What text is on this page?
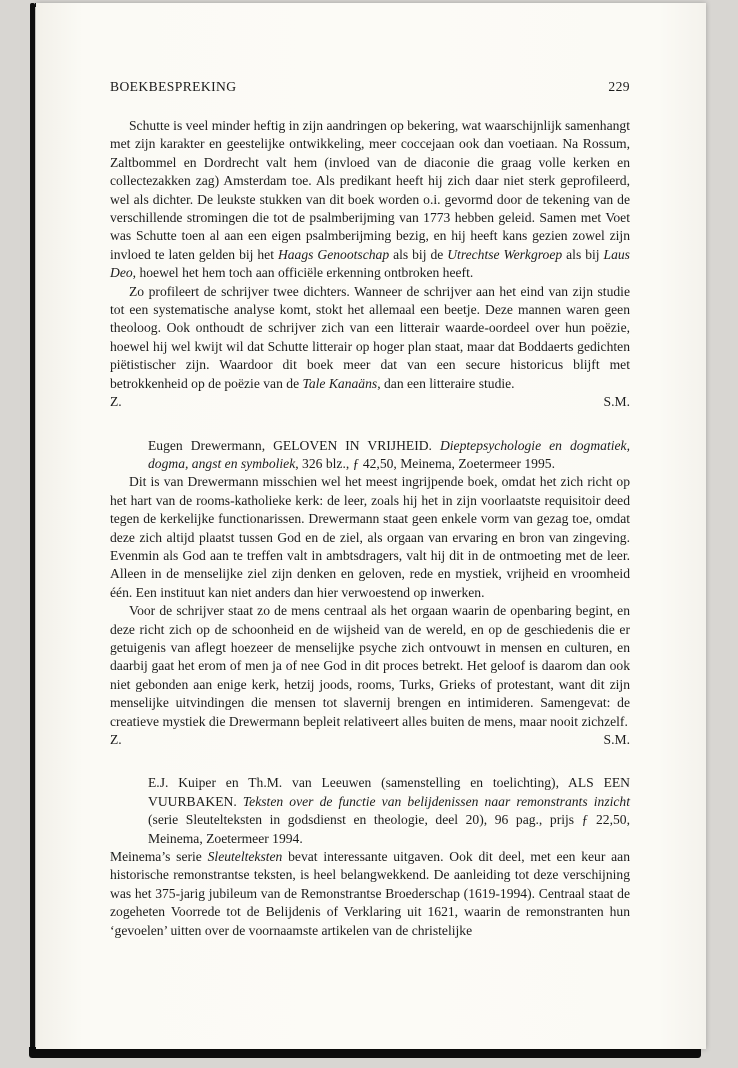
BOEKBESPREKING	229

Schutte is veel minder heftig in zijn aandringen op bekering, wat waarschijnlijk samenhangt met zijn karakter en geestelijke ontwikkeling, meer coccejaan ook dan voetiaan. Na Rossum, Zaltbommel en Dordrecht valt hem (invloed van de diaconie die graag volle kerken en collectezakken zag) Amsterdam toe. Als predikant heeft hij zich daar niet sterk geprofileerd, wel als dichter. De leukste stukken van dit boek worden o.i. gevormd door de tekening van de verschillende stromingen die tot de psalmberijming van 1773 hebben geleid. Samen met Voet was Schutte toen al aan een eigen psalmberijming bezig, en hij heeft kans gezien zowel zijn invloed te laten gelden bij het Haags Genootschap als bij de Utrechtse Werkgroep als bij Laus Deo, hoewel het hem toch aan officiële erkenning ontbroken heeft.

Zo profileert de schrijver twee dichters. Wanneer de schrijver aan het eind van zijn studie tot een systematische analyse komt, stokt het allemaal een beetje. Deze mannen waren geen theoloog. Ook onthoudt de schrijver zich van een litterair waarde-oordeel over hun poëzie, hoewel hij wel kwijt wil dat Schutte litterair op hoger plan staat, maar dat Boddaerts gedichten piëtistischer zijn. Waardoor dit boek meer dat van een secure historicus blijft met betrokkenheid op de poëzie van de Tale Kanaäns, dan een litteraire studie.

Z.	S.M.

Eugen Drewermann, GELOVEN IN VRIJHEID. Dieptepsychologie en dogmatiek, dogma, angst en symboliek, 326 blz., ƒ 42,50, Meinema, Zoetermeer 1995.

Dit is van Drewermann misschien wel het meest ingrijpende boek, omdat het zich richt op het hart van de rooms-katholieke kerk: de leer, zoals hij het in zijn voorlaatste requisitoir deed tegen de kerkelijke functionarissen. Drewermann staat geen enkele vorm van gezag toe, omdat deze zich altijd plaatst tussen God en de ziel, als orgaan van ervaring en bron van zingeving. Evenmin als God aan te treffen valt in ambtsdragers, valt hij dit in de ontmoeting met de leer. Alleen in de menselijke ziel zijn denken en geloven, rede en mystiek, vrijheid en vroomheid één. Een instituut kan niet anders dan hier verwoestend op inwerken.

Voor de schrijver staat zo de mens centraal als het orgaan waarin de openbaring begint, en deze richt zich op de schoonheid en de wijsheid van de wereld, en op de geschiedenis die er getuigenis van aflegt hoezeer de menselijke psyche zich ontvouwt in mensen en culturen, en daarbij gaat het erom of men ja of nee God in dit proces betrekt. Het geloof is daarom dan ook niet gebonden aan enige kerk, hetzij joods, rooms, Turks, Grieks of protestant, want dit zijn menselijke uitvindingen die mensen tot slavernij brengen en intimideren. Samengevat: de creatieve mystiek die Drewermann bepleit relativeert alles buiten de mens, maar nooit zichzelf.

Z.	S.M.

E.J. Kuiper en Th.M. van Leeuwen (samenstelling en toelichting), ALS EEN VUURBAKEN. Teksten over de functie van belijdenissen naar remonstrants inzicht (serie Sleutelteksten in godsdienst en theologie, deel 20), 96 pag., prijs ƒ 22,50, Meinema, Zoetermeer 1994.

Meinema’s serie Sleutelteksten bevat interessante uitgaven. Ook dit deel, met een keur aan historische remonstrantse teksten, is heel belangwekkend. De aanleiding tot deze verschijning was het 375-jarig jubileum van de Remonstrantse Broederschap (1619-1994). Centraal staat de zogeheten Voorrede tot de Belijdenis of Verklaring uit 1621, waarin de remonstranten hun ‘gevoelen’ uitten over de voornaamste artikelen van de christelijke
